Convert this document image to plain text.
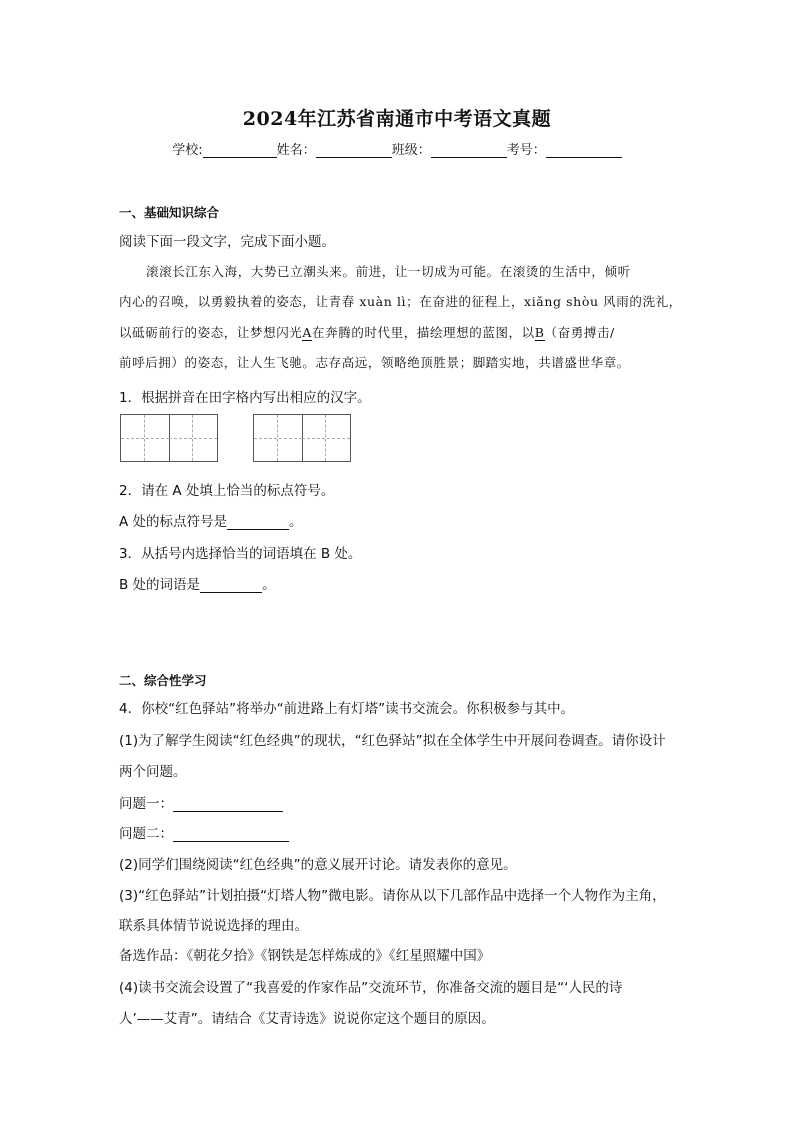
2024年江苏省南通市中考语文真题
学校:	姓名：	班级：	考号：
一、基础知识综合
阅读下面一段文字，完成下面小题。
滚滚长江东入海，大势已立潮头来。前进，让一切成为可能。在滚烫的生活中，倾听
内心的召唤，以勇毅执着的姿态，让青春 xuàn lì；在奋进的征程上，xiǎng shòu 风雨的洗礼，
以砥砺前行的姿态，让梦想闪光A在奔腾的时代里，描绘理想的蓝图，以B（奋勇搏击/
前呼后拥）的姿态，让人生飞驰。志存高远，领略绝顶胜景；脚踏实地，共谱盛世华章。
1．根据拼音在田字格内写出相应的汉字。
2．请在 A 处填上恰当的标点符号。
A 处的标点符号是	。
3．从括号内选择恰当的词语填在 B 处。
B 处的词语是	。
二、综合性学习
4．你校“红色驿站”将举办“前进路上有灯塔”读书交流会。你积极参与其中。
(1)为了解学生阅读“红色经典”的现状，“红色驿站”拟在全体学生中开展问卷调查。请你设计
两个问题。
问题一：
问题二：
(2)同学们围绕阅读“红色经典”的意义展开讨论。请发表你的意见。
(3)“红色驿站”计划拍摄“灯塔人物”微电影。请你从以下几部作品中选择一个人物作为主角，
联系具体情节说说选择的理由。
备选作品：《朝花夕拾》《钢铁是怎样炼成的》《红星照耀中国》
(4)读书交流会设置了“我喜爱的作家作品”交流环节，你准备交流的题目是“‘人民的诗
人’——艾青”。请结合《艾青诗选》说说你定这个题目的原因。
